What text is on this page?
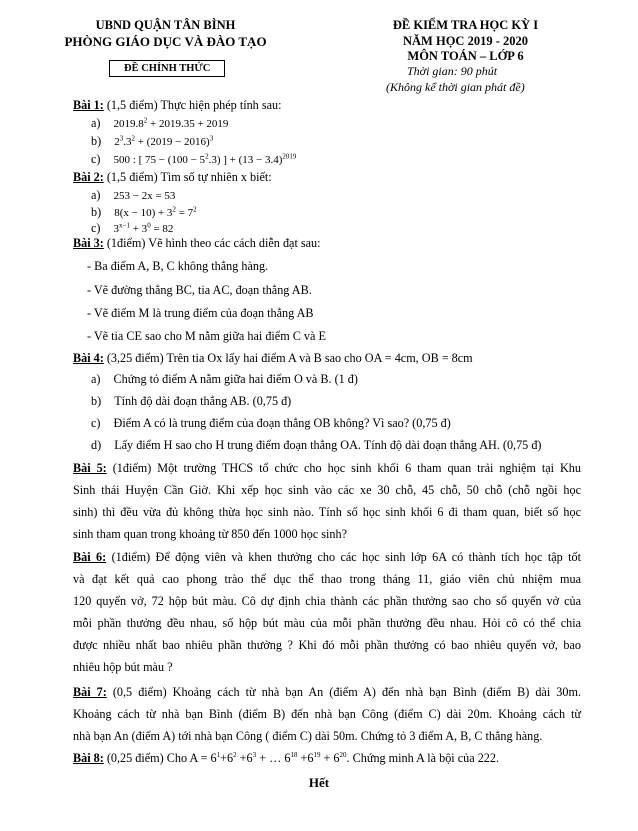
UBND QUẬN TÂN BÌNH
PHÒNG GIÁO DỤC VÀ ĐÀO TẠO
ĐỀ CHÍNH THỨC
ĐỀ KIỂM TRA HỌC KỲ I
NĂM HỌC 2019 - 2020
MÔN TOÁN – LỚP 6
Thời gian: 90 phút
(Không kể thời gian phát đề)
Bài 1: (1,5 điểm) Thực hiện phép tính sau:
a) $2019.8^2 + 2019.35 + 2019$
b) $2^3.3^2 + (2019 - 2016)^3$
c) 500 : [ $75 - (100 - 5^2.3)$ ] + $(13 - 3.4)^{2019}$
Bài 2: (1,5 điểm) Tìm số tự nhiên x biết:
a) 253 − 2x = 53
b) $8(x - 10) + 3^2 = 7^2$
c) $3^{x-1} + 3^0 = 82$
Bài 3: (1điểm) Vẽ hình theo các cách diễn đạt sau:
- Ba điểm A, B, C không thẳng hàng.
- Vẽ đường thẳng BC, tia AC, đoạn thẳng AB.
- Vẽ điểm M là trung điểm của đoạn thẳng AB
- Vẽ tia CE sao cho M nằm giữa hai điểm C và E
Bài 4: (3,25 điểm) Trên tia Ox lấy hai điểm A và B sao cho OA = 4cm, OB = 8cm
a) Chứng tỏ điểm A nằm giữa hai điểm O và B. (1 đ)
b) Tính độ dài đoạn thẳng AB. (0,75 đ)
c) Điểm A có là trung điểm của đoạn thẳng OB không? Vì sao? (0,75 đ)
d) Lấy điểm H sao cho H trung điểm đoạn thẳng OA. Tính độ dài đoạn thẳng AH. (0,75 đ)
Bài 5: (1điểm) Một trường THCS tổ chức cho học sinh khối 6 tham quan trải nghiệm tại Khu
Sinh thái Huyện Cần Giờ. Khi xếp học sinh vào các xe 30 chỗ, 45 chỗ, 50 chỗ (chỗ ngồi học
sinh) thì đều vừa đủ không thừa học sinh nào. Tính số học sinh khối 6 đi tham quan, biết số học
sinh tham quan trong khoảng từ 850 đến 1000 học sinh?
Bài 6: (1điểm) Để động viên và khen thưởng cho các học sinh lớp 6A có thành tích học tập tốt
và đạt kết quả cao phong trào thể dục thể thao trong tháng 11, giáo viên chủ nhiệm mua
120 quyển vở, 72 hộp bút màu. Cô dự định chia thành các phần thưởng sao cho số quyển vở của
mỗi phần thưởng đều nhau, số hộp bút màu của mỗi phần thưởng đều nhau. Hỏi cô có thể chia
được nhiều nhất bao nhiêu phần thưởng ? Khi đó mỗi phần thưởng có bao nhiêu quyển vở, bao
nhiêu hộp bút màu ?
Bài 7: (0,5 điểm) Khoảng cách từ nhà bạn An (điểm A) đến nhà bạn Bình (điểm B) dài 30m.
Khoảng cách từ nhà bạn Bình (điểm B) đến nhà bạn Công (điểm C) dài 20m. Khoảng cách từ
nhà bạn An (điểm A) tới nhà bạn Công ( điểm C) dài 50m. Chứng tỏ 3 điểm A, B, C thẳng hàng.
Bài 8: (0,25 điểm) Cho $A = 6^1+6^2 +6^3$ + … $6^{18} +6^{19} + 6^{20}$. Chứng minh A là bội của 222.
Hết
